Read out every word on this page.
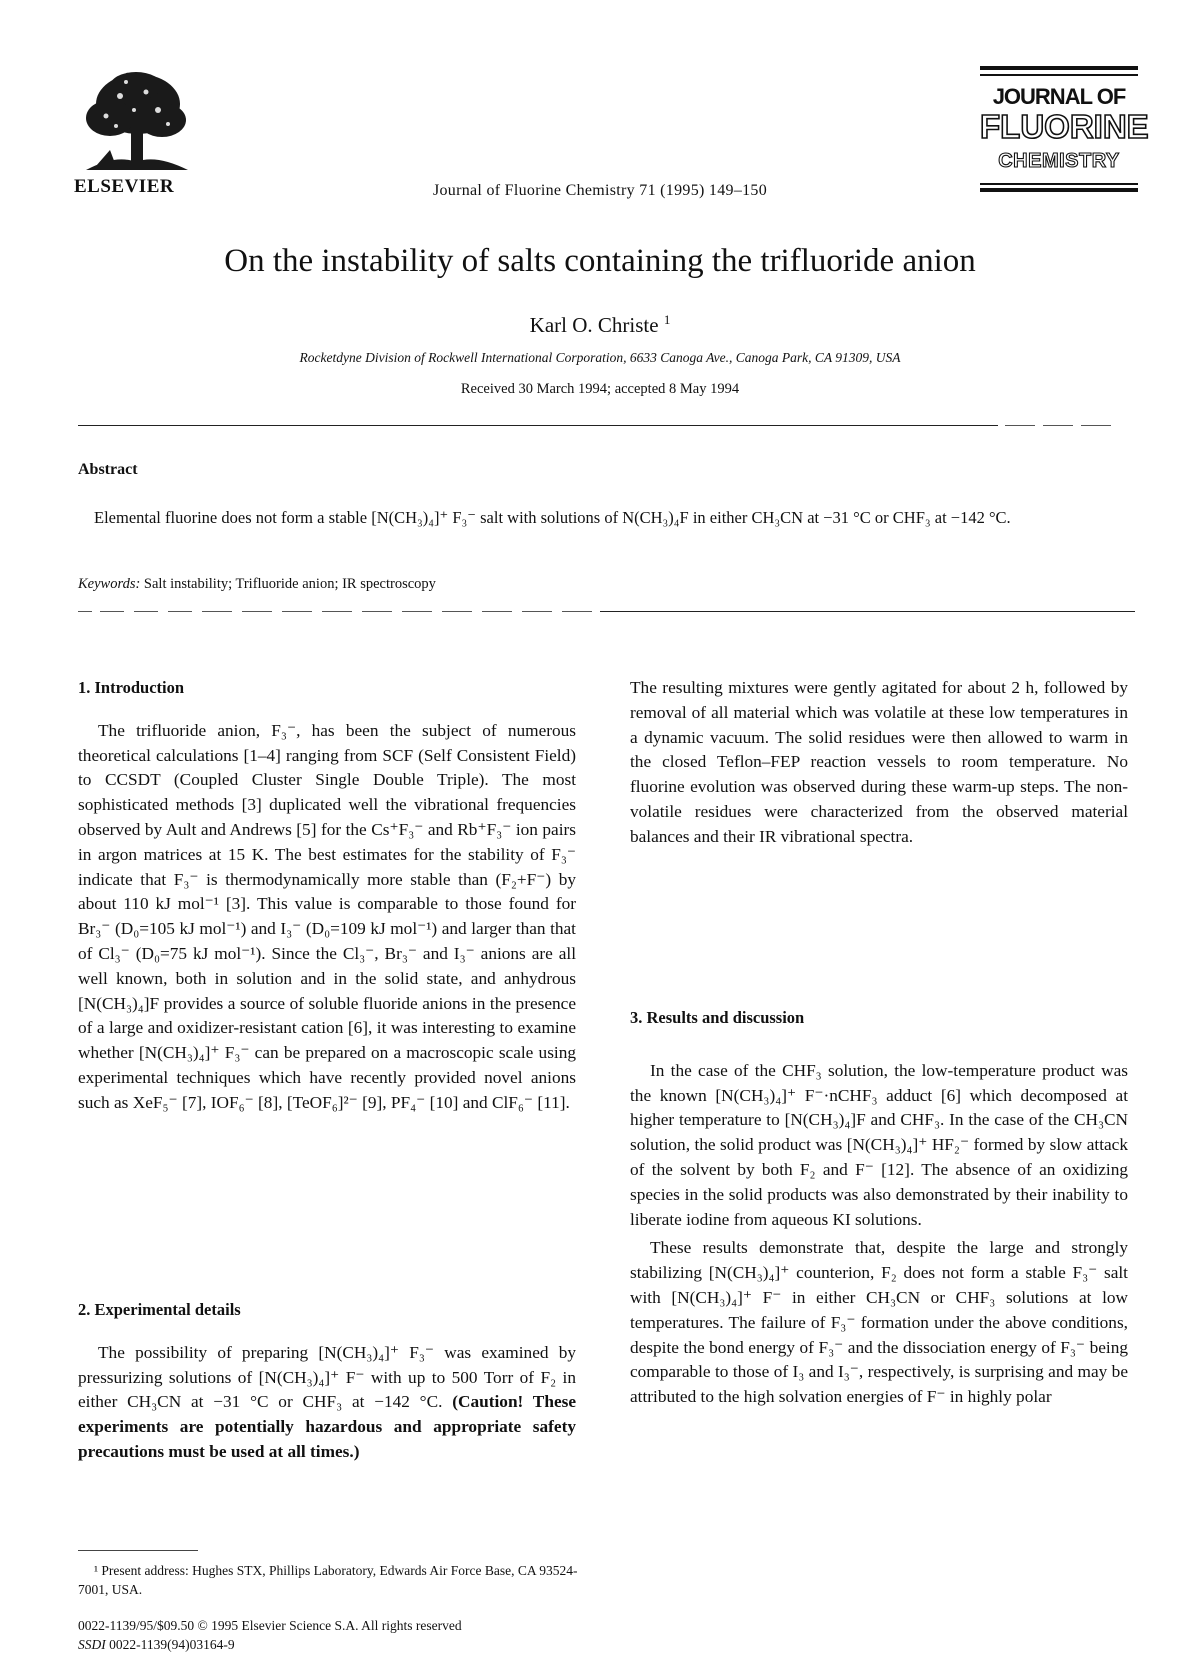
ELSEVIER	Journal of Fluorine Chemistry 71 (1995) 149–150
JOURNAL OF
FLUORINE
CHEMISTRY
On the instability of salts containing the trifluoride anion
Karl O. Christe $^1$
Rocketdyne Division of Rockwell International Corporation, 6633 Canoga Ave., Canoga Park, CA 91309, USA
Received 30 March 1994; accepted 8 May 1994
Abstract
Elemental fluorine does not form a stable [N(CH₃)₄]⁺ F₃⁻ salt with solutions of N(CH₃)₄F in either CH₃CN at −31 °C or CHF₃ at −142 °C.
Keywords: Salt instability; Trifluoride anion; IR spectroscopy
1. Introduction

The trifluoride anion, F₃⁻, has been the subject of numerous theoretical calculations [1–4] ranging from SCF (Self Consistent Field) to CCSDT (Coupled Cluster Single Double Triple). The most sophisticated methods [3] duplicated well the vibrational frequencies observed by Ault and Andrews [5] for the Cs⁺F₃⁻ and Rb⁺F₃⁻ ion pairs in argon matrices at 15 K. The best estimates for the stability of F₃⁻ indicate that F₃⁻ is thermodynamically more stable than (F₂+F⁻) by about 110 kJ mol⁻¹ [3]. This value is comparable to those found for Br₃⁻ (D₀=105 kJ mol⁻¹) and I₃⁻ (D₀=109 kJ mol⁻¹) and larger than that of Cl₃⁻ (D₀=75 kJ mol⁻¹). Since the Cl₃⁻, Br₃⁻ and I₃⁻ anions are all well known, both in solution and in the solid state, and anhydrous [N(CH₃)₄]F provides a source of soluble fluoride anions in the presence of a large and oxidizer-resistant cation [6], it was interesting to examine whether [N(CH₃)₄]⁺ F₃⁻ can be prepared on a macroscopic scale using experimental techniques which have recently provided novel anions such as XeF₅⁻ [7], IOF₆⁻ [8], [TeOF₆]²⁻ [9], PF₄⁻ [10] and ClF₆⁻ [11].

2. Experimental details

The possibility of preparing [N(CH₃)₄]⁺ F₃⁻ was examined by pressurizing solutions of [N(CH₃)₄]⁺ F⁻ with up to 500 Torr of F₂ in either CH₃CN at −31 °C or CHF₃ at −142 °C. (Caution! These experiments are potentially hazardous and appropriate safety precautions must be used at all times.)

¹ Present address: Hughes STX, Phillips Laboratory, Edwards Air Force Base, CA 93524-7001, USA.

The resulting mixtures were gently agitated for about 2 h, followed by removal of all material which was volatile at these low temperatures in a dynamic vacuum. The solid residues were then allowed to warm in the closed Teflon–FEP reaction vessels to room temperature. No fluorine evolution was observed during these warm-up steps. The non-volatile residues were characterized from the observed material balances and their IR vibrational spectra.

3. Results and discussion

In the case of the CHF₃ solution, the low-temperature product was the known [N(CH₃)₄]⁺ F⁻·nCHF₃ adduct [6] which decomposed at higher temperature to [N(CH₃)₄]F and CHF₃. In the case of the CH₃CN solution, the solid product was [N(CH₃)₄]⁺ HF₂⁻ formed by slow attack of the solvent by both F₂ and F⁻ [12]. The absence of an oxidizing species in the solid products was also demonstrated by their inability to liberate iodine from aqueous KI solutions.

These results demonstrate that, despite the large and strongly stabilizing [N(CH₃)₄]⁺ counterion, F₂ does not form a stable F₃⁻ salt with [N(CH₃)₄]⁺ F⁻ in either CH₃CN or CHF₃ solutions at low temperatures. The failure of F₃⁻ formation under the above conditions, despite the bond energy of F₃⁻ and the dissociation energy of F₃⁻ being comparable to those of I₃ and I₃⁻, respectively, is surprising and may be attributed to the high solvation energies of F⁻ in highly polar

0022-1139/95/$09.50 © 1995 Elsevier Science S.A. All rights reserved
SSDI 0022-1139(94)03164-9
